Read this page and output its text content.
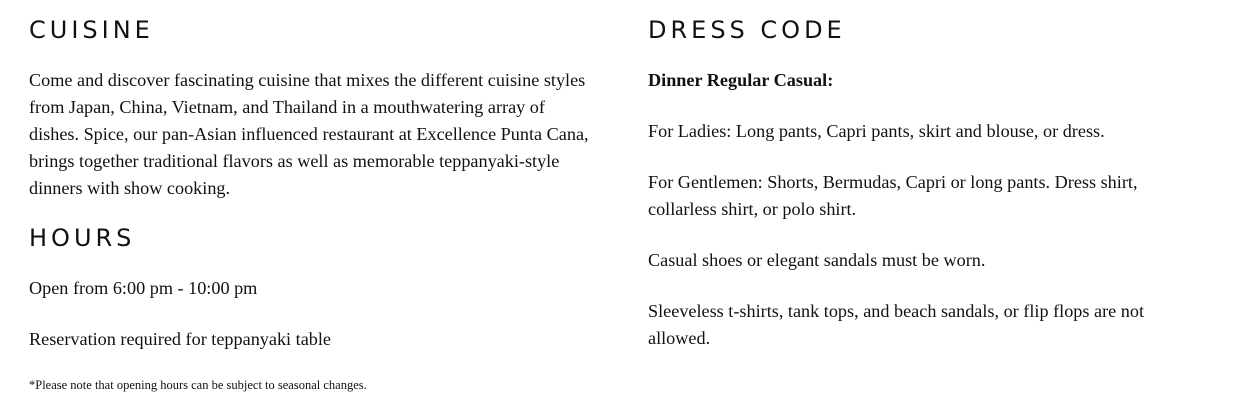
CUISINE

Come and discover fascinating cuisine that mixes the different cuisine styles from Japan, China, Vietnam, and Thailand in a mouthwatering array of dishes. Spice, our pan-Asian influenced restaurant at Excellence Punta Cana, brings together traditional flavors as well as memorable teppanyaki-style dinners with show cooking.

HOURS

Open from 6:00 pm - 10:00 pm

Reservation required for teppanyaki table

*Please note that opening hours can be subject to seasonal changes.

DRESS CODE

Dinner Regular Casual:

For Ladies: Long pants, Capri pants, skirt and blouse, or dress.

For Gentlemen: Shorts, Bermudas, Capri or long pants. Dress shirt, collarless shirt, or polo shirt.

Casual shoes or elegant sandals must be worn.

Sleeveless t-shirts, tank tops, and beach sandals, or flip flops are not allowed.
